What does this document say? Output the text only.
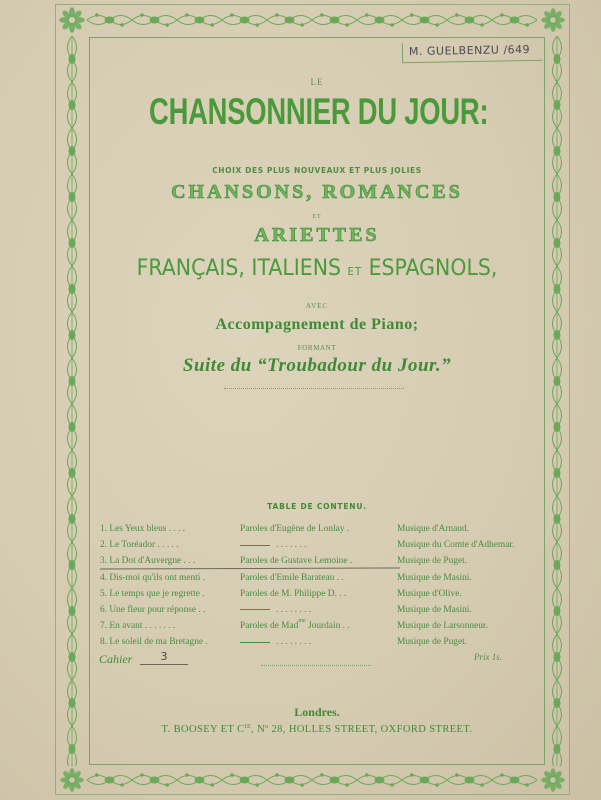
M. GUELBENZU /649
LE
CHANSONNIER DU JOUR:
CHOIX DES PLUS NOUVEAUX ET PLUS JOLIES
CHANSONS, ROMANCES
ET
ARIETTES
FRANÇAIS, ITALIENS ET ESPAGNOLS,
AVEC
Accompagnement de Piano;
FORMANT
Suite du “Troubadour du Jour.”
TABLE DE CONTENU.
1. Les Yeux bleus . . . .	Paroles d'Eugène de Lonlay .	Musique d'Arnaud.
2. Le Toréador . . . . .	. . . . . . .	Musique du Comte d'Adhemar.
3. La Dot d'Auvergne . . .	Paroles de Gustave Lemoine .	Musique de Puget.
4. Dis-moi qu'ils ont menti .	Paroles d'Emile Barateau . .	Musique de Masini.
5. Le temps que je regrette .	Paroles de M. Philippe D. . .	Musique d'Olive.
6. Une fleur pour réponse . .	. . . . . . . .	Musique de Masini.
7. En avant . . . . . . .	Paroles de Mad$^{me}$ Jourdain . .	Musique de Larsonneur.
8. Le soleil de ma Bretagne .	. . . . . . . .	Musique de Puget.
Cahier	3	Prix 1s.
Londres.
T. BOOSEY ET $C^{IE}$, $N^o$ 28, HOLLES STREET, OXFORD STREET.
